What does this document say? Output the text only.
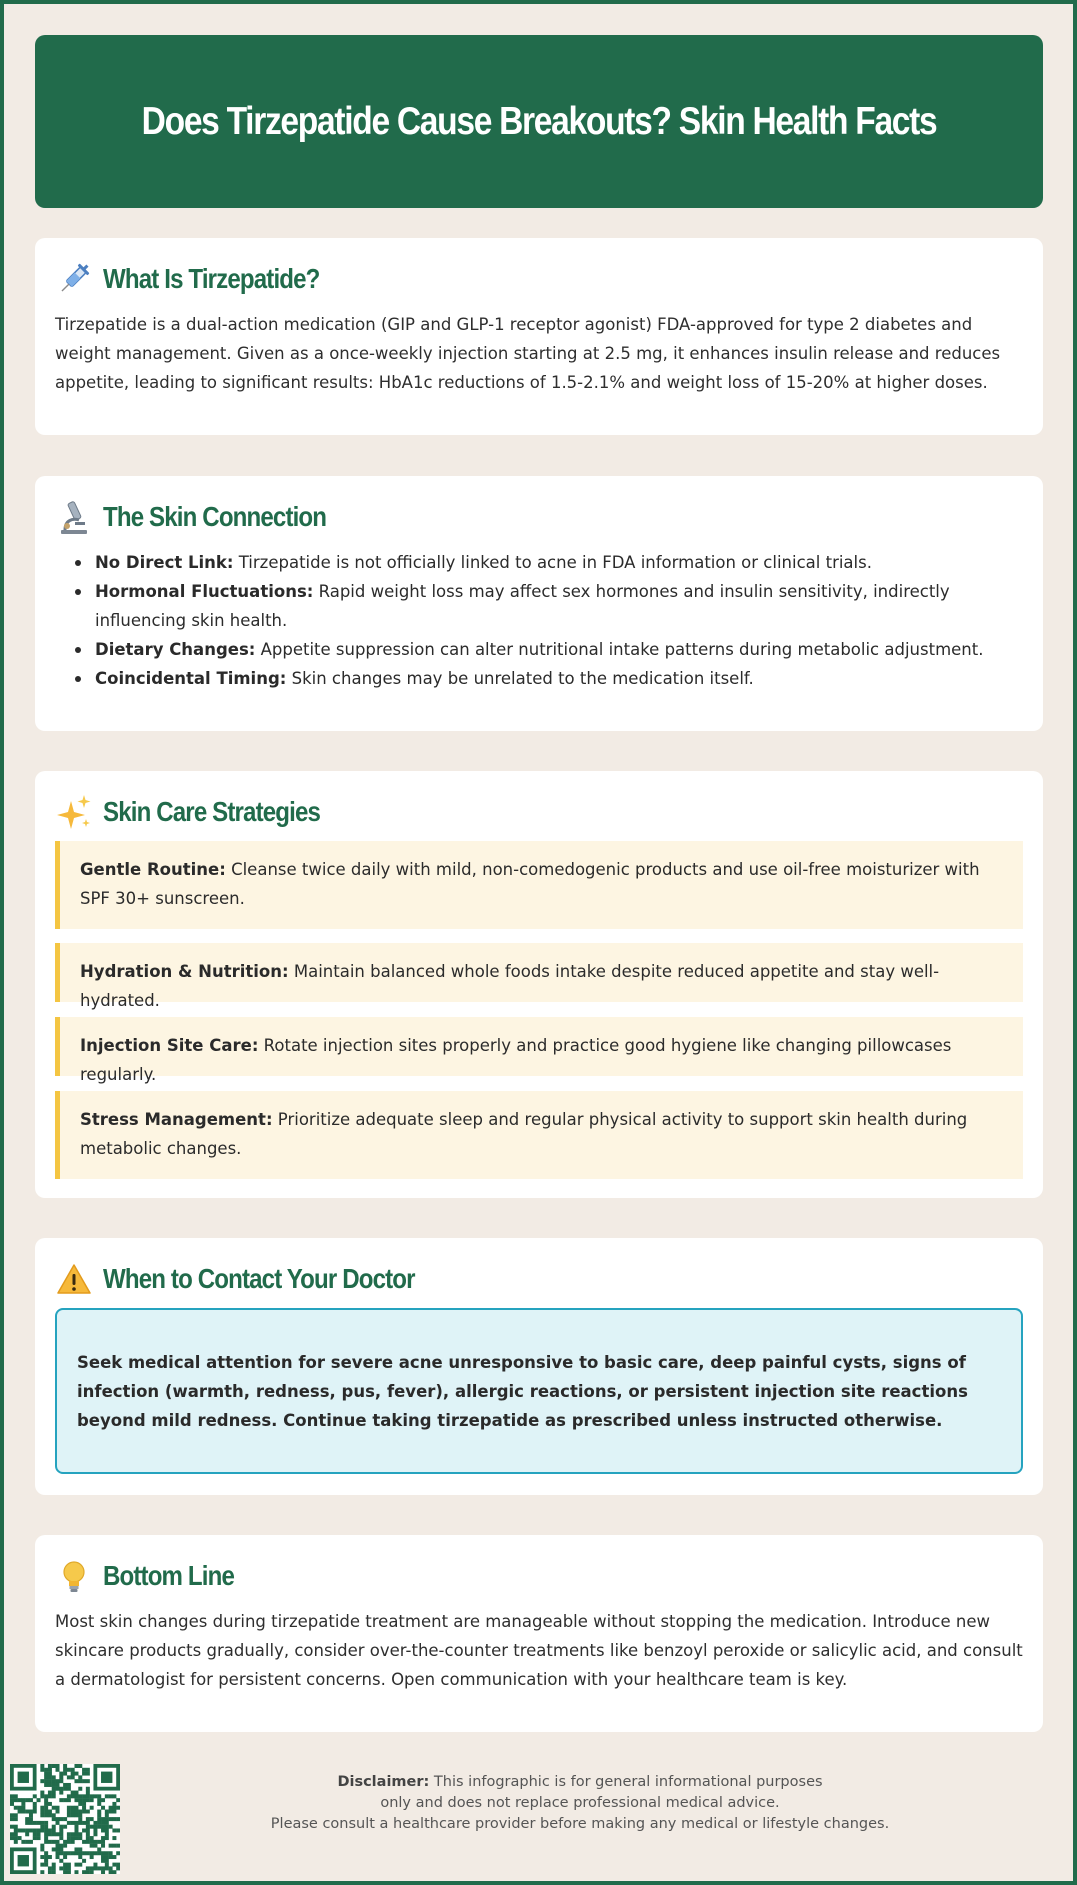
Does Tirzepatide Cause Breakouts? Skin Health Facts
What Is Tirzepatide?

Tirzepatide is a dual-action medication (GIP and GLP-1 receptor agonist) FDA-approved for type 2 diabetes and weight management. Given as a once-weekly injection starting at 2.5 mg, it enhances insulin release and reduces appetite, leading to significant results: HbA1c reductions of 1.5-2.1% and weight loss of 15-20% at higher doses.

The Skin Connection
No Direct Link: Tirzepatide is not officially linked to acne in FDA information or clinical trials.
Hormonal Fluctuations: Rapid weight loss may affect sex hormones and insulin sensitivity, indirectly influencing skin health.
Dietary Changes: Appetite suppression can alter nutritional intake patterns during metabolic adjustment.
Coincidental Timing: Skin changes may be unrelated to the medication itself.
Skin Care Strategies
Gentle Routine: Cleanse twice daily with mild, non-comedogenic products and use oil-free moisturizer with SPF 30+ sunscreen.
Hydration & Nutrition: Maintain balanced whole foods intake despite reduced appetite and stay well-hydrated.
Injection Site Care: Rotate injection sites properly and practice good hygiene like changing pillowcases regularly.
Stress Management: Prioritize adequate sleep and regular physical activity to support skin health during metabolic changes.
When to Contact Your Doctor
Seek medical attention for severe acne unresponsive to basic care, deep painful cysts, signs of infection (warmth, redness, pus, fever), allergic reactions, or persistent injection site reactions beyond mild redness. Continue taking tirzepatide as prescribed unless instructed otherwise.
Bottom Line

Most skin changes during tirzepatide treatment are manageable without stopping the medication. Introduce new skincare products gradually, consider over-the-counter treatments like benzoyl peroxide or salicylic acid, and consult a dermatologist for persistent concerns. Open communication with your healthcare team is key.

Disclaimer: This infographic is for general informational purposes
only and does not replace professional medical advice.
Please consult a healthcare provider before making any medical or lifestyle changes.
